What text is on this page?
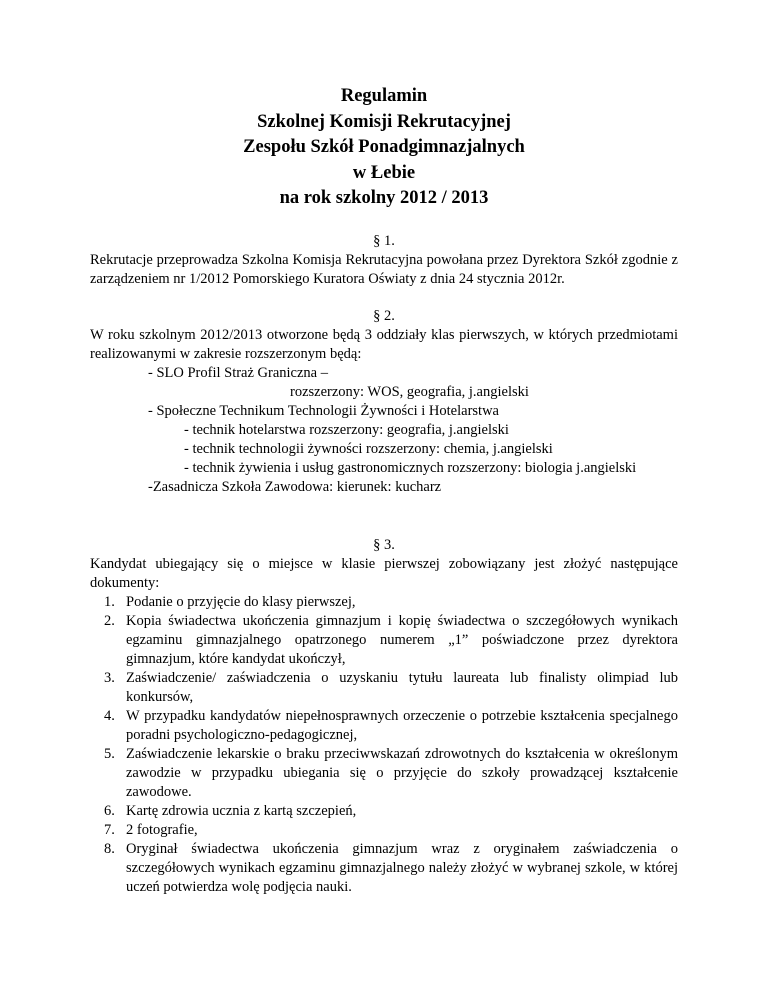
Regulamin

Szkolnej Komisji Rekrutacyjnej

Zespołu Szkół Ponadgimnazjalnych

w Łebie

na rok szkolny 2012 / 2013

§ 1.

Rekrutacje przeprowadza Szkolna Komisja Rekrutacyjna powołana przez Dyrektora Szkół zgodnie z zarządzeniem nr 1/2012 Pomorskiego Kuratora Oświaty z dnia 24 stycznia 2012r.

§ 2.

W roku szkolnym 2012/2013 otworzone będą 3 oddziały klas pierwszych, w których przedmiotami realizowanymi w zakresie rozszerzonym będą:

- SLO Profil Straż Graniczna –

rozszerzony: WOS, geografia, j.angielski

- Społeczne Technikum Technologii Żywności i Hotelarstwa

- technik hotelarstwa rozszerzony: geografia, j.angielski

- technik technologii żywności rozszerzony: chemia, j.angielski

- technik żywienia i usług gastronomicznych rozszerzony: biologia j.angielski

-Zasadnicza Szkoła Zawodowa: kierunek: kucharz

§ 3.

Kandydat ubiegający się o miejsce w klasie pierwszej zobowiązany jest złożyć następujące dokumenty:

1. Podanie o przyjęcie do klasy pierwszej,
2. Kopia świadectwa ukończenia gimnazjum i kopię świadectwa o szczegółowych wynikach egzaminu gimnazjalnego opatrzonego numerem „1” poświadczone przez dyrektora gimnazjum, które kandydat ukończył,
3. Zaświadczenie/ zaświadczenia o uzyskaniu tytułu laureata lub finalisty olimpiad lub konkursów,
4. W przypadku kandydatów niepełnosprawnych orzeczenie o potrzebie kształcenia specjalnego poradni psychologiczno-pedagogicznej,
5. Zaświadczenie lekarskie o braku przeciwwskazań zdrowotnych do kształcenia w określonym zawodzie w przypadku ubiegania się o przyjęcie do szkoły prowadzącej kształcenie zawodowe.
6. Kartę zdrowia ucznia z kartą szczepień,
7. 2 fotografie,
8. Oryginał świadectwa ukończenia gimnazjum wraz z oryginałem zaświadczenia o szczegółowych wynikach egzaminu gimnazjalnego należy złożyć w wybranej szkole, w której uczeń potwierdza wolę podjęcia nauki.
